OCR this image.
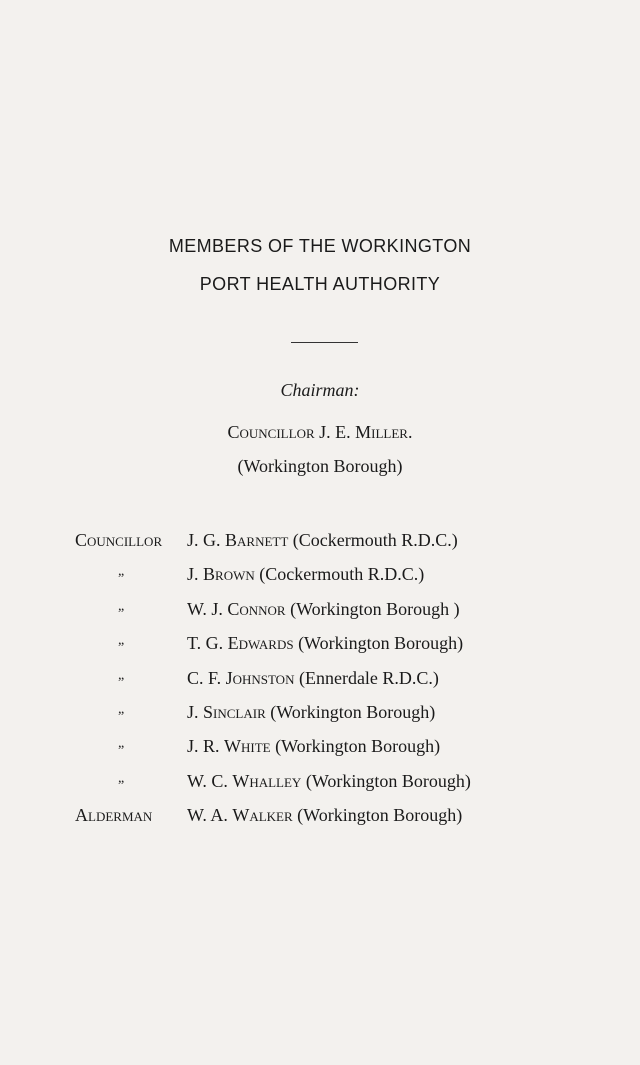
MEMBERS OF THE WORKINGTON
PORT HEALTH AUTHORITY
Chairman:
Councillor J. E. Miller.
(Workington Borough)
Councillor	J. G. Barnett (Cockermouth R.D.C.)
„	J. Brown (Cockermouth R.D.C.)
„	W. J. Connor (Workington Borough )
„	T. G. Edwards (Workington Borough)
„	C. F. Johnston (Ennerdale R.D.C.)
„	J. Sinclair (Workington Borough)
„	J. R. White (Workington Borough)
„	W. C. Whalley (Workington Borough)
Alderman	W. A. Walker (Workington Borough)
